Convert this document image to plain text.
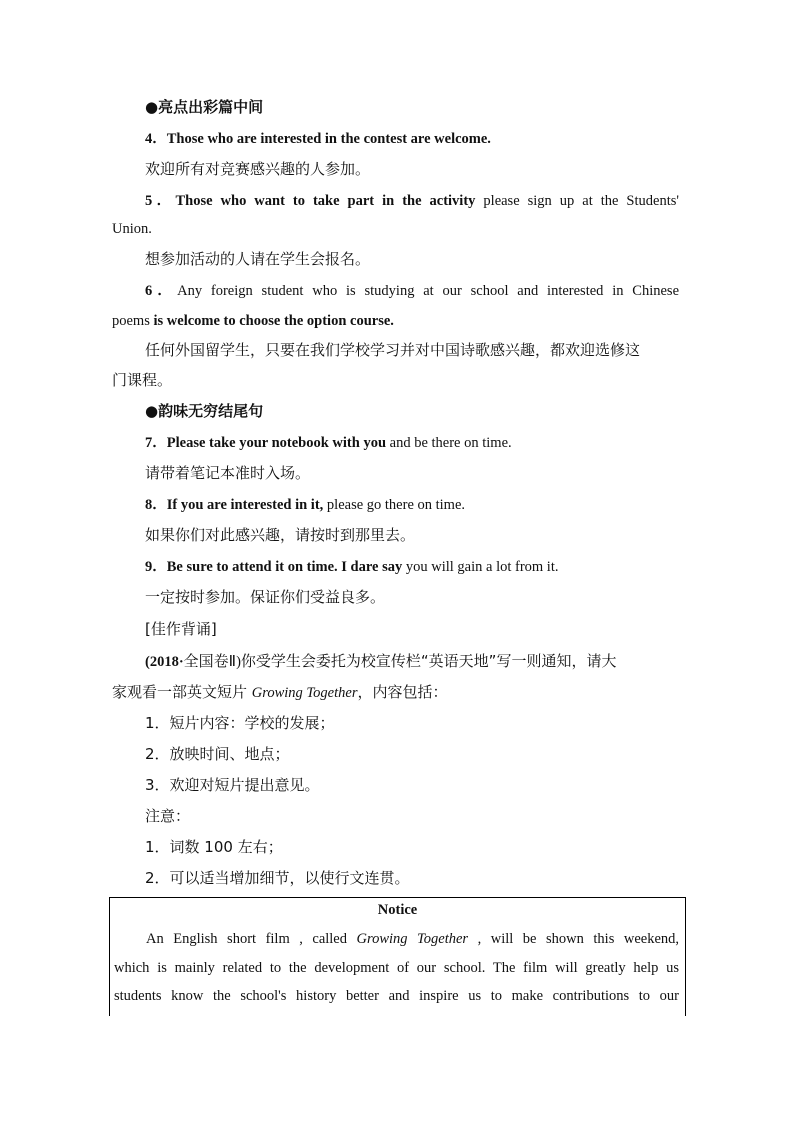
●亮点出彩篇中间
4．Those who are interested in the contest are welcome.
欢迎所有对竞赛感兴趣的人参加。
5．Those who want to take part in the activity please sign up at the Students'
Union.
想参加活动的人请在学生会报名。
6．Any foreign student who is studying at our school and interested in Chinese
poems is welcome to choose the option course.
任何外国留学生，只要在我们学校学习并对中国诗歌感兴趣，都欢迎选修这
门课程。
●韵味无穷结尾句
7．Please take your notebook with you and be there on time.
请带着笔记本准时入场。
8．If you are interested in it, please go there on time.
如果你们对此感兴趣，请按时到那里去。
9．Be sure to attend it on time. I dare say you will gain a lot from it.
一定按时参加。保证你们受益良多。
[佳作背诵]
(2018·全国卷Ⅱ)你受学生会委托为校宣传栏“英语天地”写一则通知，请大
家观看一部英文短片 Growing Together，内容包括：
1．短片内容：学校的发展；
2．放映时间、地点；
3．欢迎对短片提出意见。
注意：
1．词数 100 左右；
2．可以适当增加细节，以使行文连贯。
Notice
An English short film , called Growing Together , will be shown this weekend,
which is mainly related to the development of our school. The film will greatly help us
students know the school's history better and inspire us to make contributions to our
